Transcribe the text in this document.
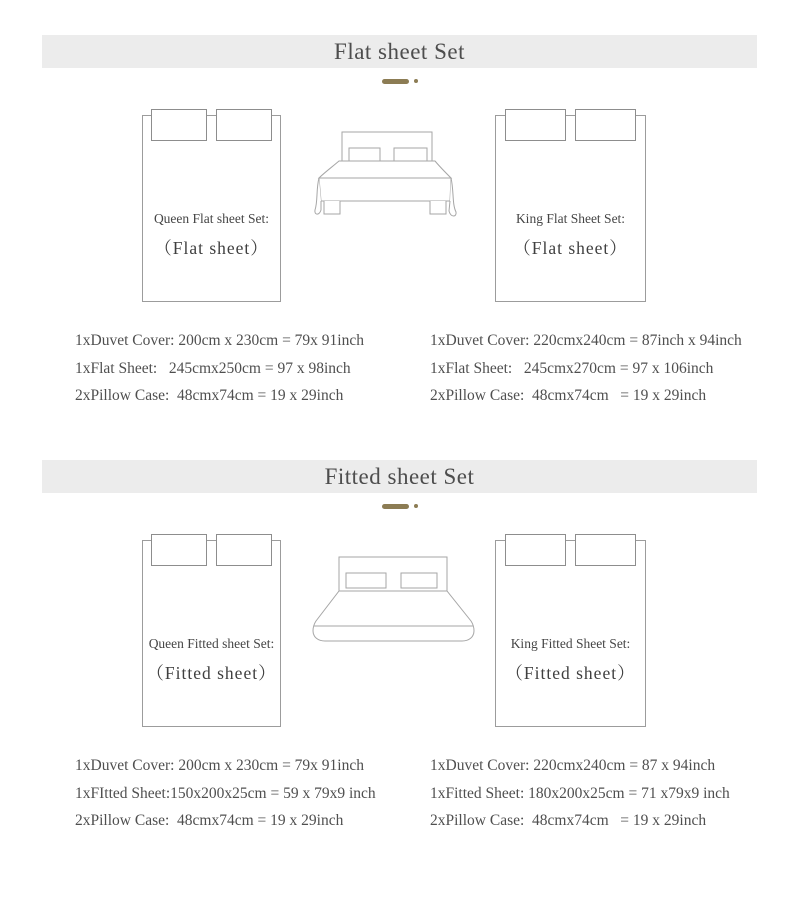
Flat sheet Set
Queen Flat sheet Set:
（Flat sheet）
King Flat Sheet Set:
（Flat sheet）
1xDuvet Cover: 200cm x 230cm = 79x 91inch
1xFlat Sheet:   245cmx250cm = 97 x 98inch
2xPillow Case:  48cmx74cm = 19 x 29inch
1xDuvet Cover: 220cmx240cm = 87inch x 94inch
1xFlat Sheet:   245cmx270cm = 97 x 106inch
2xPillow Case:  48cmx74cm   = 19 x 29inch
Fitted sheet Set
Queen Fitted sheet Set:
（Fitted sheet）
King Fitted Sheet Set:
（Fitted sheet）
1xDuvet Cover: 200cm x 230cm = 79x 91inch
1xFItted Sheet:150x200x25cm = 59 x 79x9 inch
2xPillow Case:  48cmx74cm = 19 x 29inch
1xDuvet Cover: 220cmx240cm = 87 x 94inch
1xFitted Sheet: 180x200x25cm = 71 x79x9 inch
2xPillow Case:  48cmx74cm   = 19 x 29inch
